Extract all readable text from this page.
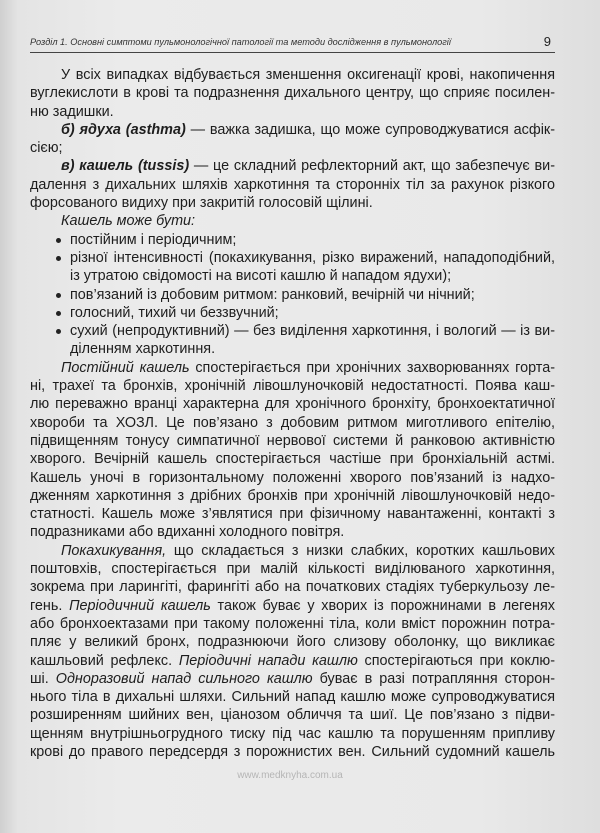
Розділ 1. Основні симптоми пульмонологічної патології та методи дослідження в пульмонології	9
У всіх випадках відбувається зменшення оксигенації крові, накопичення
вуглекислоти в крові та подразнення дихального центру, що сприяє посилен-
ню задишки.
б) ядуха (asthma) — важка задишка, що може супроводжуватися асфік-
сією;
в) кашель (tussis) — це складний рефлекторний акт, що забезпечує ви-
далення з дихальних шляхів харкотиння та сторонніх тіл за рахунок різкого
форсованого видиху при закритій голосовій щілині.
Кашель може бути:
постійним і періодичним;
різної інтенсивності (покахикування, різко виражений, нападоподібний,
із утратою свідомості на висоті кашлю й нападом ядухи);
пов’язаний із добовим ритмом: ранковий, вечірній чи нічний;
голосний, тихий чи беззвучний;
сухий (непродуктивний) — без виділення харкотиння, і вологий — із ви-
діленням харкотиння.
Постійний кашель спостерігається при хронічних захворюваннях горта-
ні, трахеї та бронхів, хронічній лівошлуночковій недостатності. Поява каш-
лю переважно вранці характерна для хронічного бронхіту, бронхоектатичної
хвороби та ХОЗЛ. Це пов’язано з добовим ритмом миготливого епітелію,
підвищенням тонусу симпатичної нервової системи й ранковою активністю
хворого. Вечірній кашель спостерігається частіше при бронхіальній астмі.
Кашель уночі в горизонтальному положенні хворого пов’язаний із надхо-
дженням харкотиння з дрібних бронхів при хронічній лівошлуночковій недо-
статності. Кашель може з’являтися при фізичному навантаженні, контакті з
подразниками або вдиханні холодного повітря.
Покахикування, що складається з низки слабких, коротких кашльових
поштовхів, спостерігається при малій кількості виділюваного харкотиння,
зокрема при ларингіті, фарингіті або на початкових стадіях туберкульозу ле-
гень. Періодичний кашель також буває у хворих із порожнинами в легенях
або бронхоектазами при такому положенні тіла, коли вміст порожнин потра-
пляє у великий бронх, подразнюючи його слизову оболонку, що викликає
кашльовий рефлекс. Періодичні напади кашлю спостерігаються при коклю-
ші. Одноразовий напад сильного кашлю буває в разі потрапляння сторон-
нього тіла в дихальні шляхи. Сильний напад кашлю може супроводжуватися
розширенням шийних вен, ціанозом обличчя та шиї. Це пов’язано з підви-
щенням внутрішньогрудного тиску під час кашлю та порушенням припливу
крові до правого передсердя з порожнистих вен. Сильний судомний кашель
www.medknyha.com.ua
